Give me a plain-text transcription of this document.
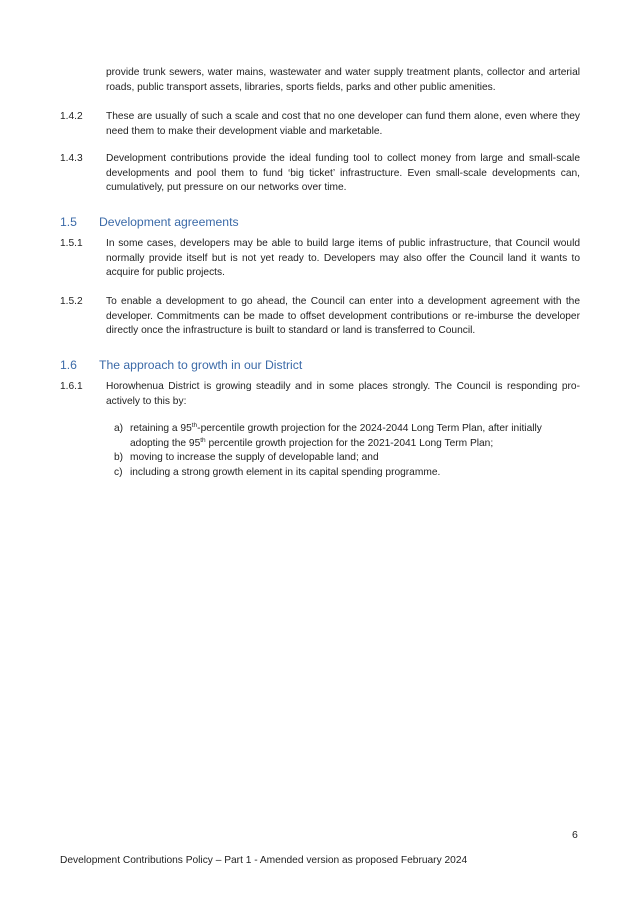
provide trunk sewers, water mains, wastewater and water supply treatment plants, collector and arterial roads, public transport assets, libraries, sports fields, parks and other public amenities.
1.4.2	These are usually of such a scale and cost that no one developer can fund them alone, even where they need them to make their development viable and marketable.
1.4.3	Development contributions provide the ideal funding tool to collect money from large and small-scale developments and pool them to fund ‘big ticket’ infrastructure. Even small-scale developments can, cumulatively, put pressure on our networks over time.
1.5 Development agreements
1.5.1	In some cases, developers may be able to build large items of public infrastructure, that Council would normally provide itself but is not yet ready to. Developers may also offer the Council land it wants to acquire for public projects.
1.5.2	To enable a development to go ahead, the Council can enter into a development agreement with the developer. Commitments can be made to offset development contributions or re-imburse the developer directly once the infrastructure is built to standard or land is transferred to Council.
1.6 The approach to growth in our District
1.6.1	Horowhenua District is growing steadily and in some places strongly. The Council is responding pro-actively to this by:
a) retaining a 95th-percentile growth projection for the 2024-2044 Long Term Plan, after initially adopting the 95th percentile growth projection for the 2021-2041 Long Term Plan;
b) moving to increase the supply of developable land; and
c) including a strong growth element in its capital spending programme.
6
Development Contributions Policy – Part 1 - Amended version as proposed February 2024
